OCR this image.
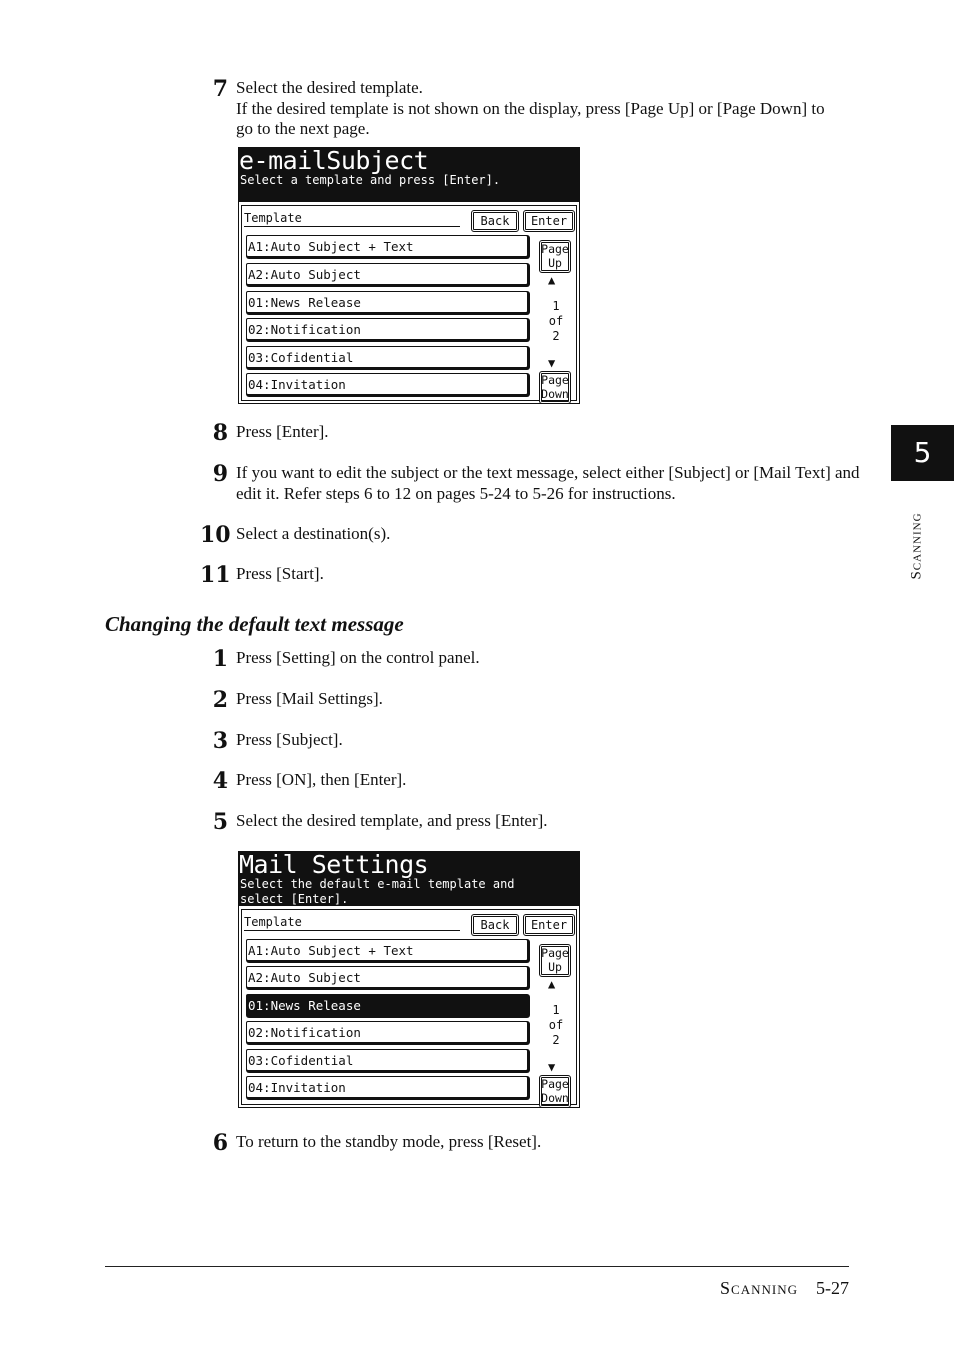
7 Select the desired template.
If the desired template is not shown on the display, press [Page Up] or [Page Down] to go to the next page.
e-mailSubject
Select a template and press [Enter].
Template	Back	Enter
A1:Auto Subject + Text
A2:Auto Subject
01:News Release
02:Notification
03:Cofidential
04:Invitation
Page
Up
▲
1
of
2
▼
Page
Down
8 Press [Enter].
9 If you want to edit the subject or the text message, select either [Subject] or [Mail Text] and edit it. Refer steps 6 to 12 on pages 5-24 to 5-26 for instructions.
10 Select a destination(s).
11 Press [Start].
Changing the default text message
1 Press [Setting] on the control panel.
2 Press [Mail Settings].
3 Press [Subject].
4 Press [ON], then [Enter].
5 Select the desired template, and press [Enter].
Mail Settings
Select the default e-mail template and
select [Enter].
Template	Back	Enter
A1:Auto Subject + Text
A2:Auto Subject
01:News Release
02:Notification
03:Cofidential
04:Invitation
Page
Up
▲
1
of
2
▼
Page
Down
6 To return to the standby mode, press [Reset].
5
Scanning
Scanning 5-27
